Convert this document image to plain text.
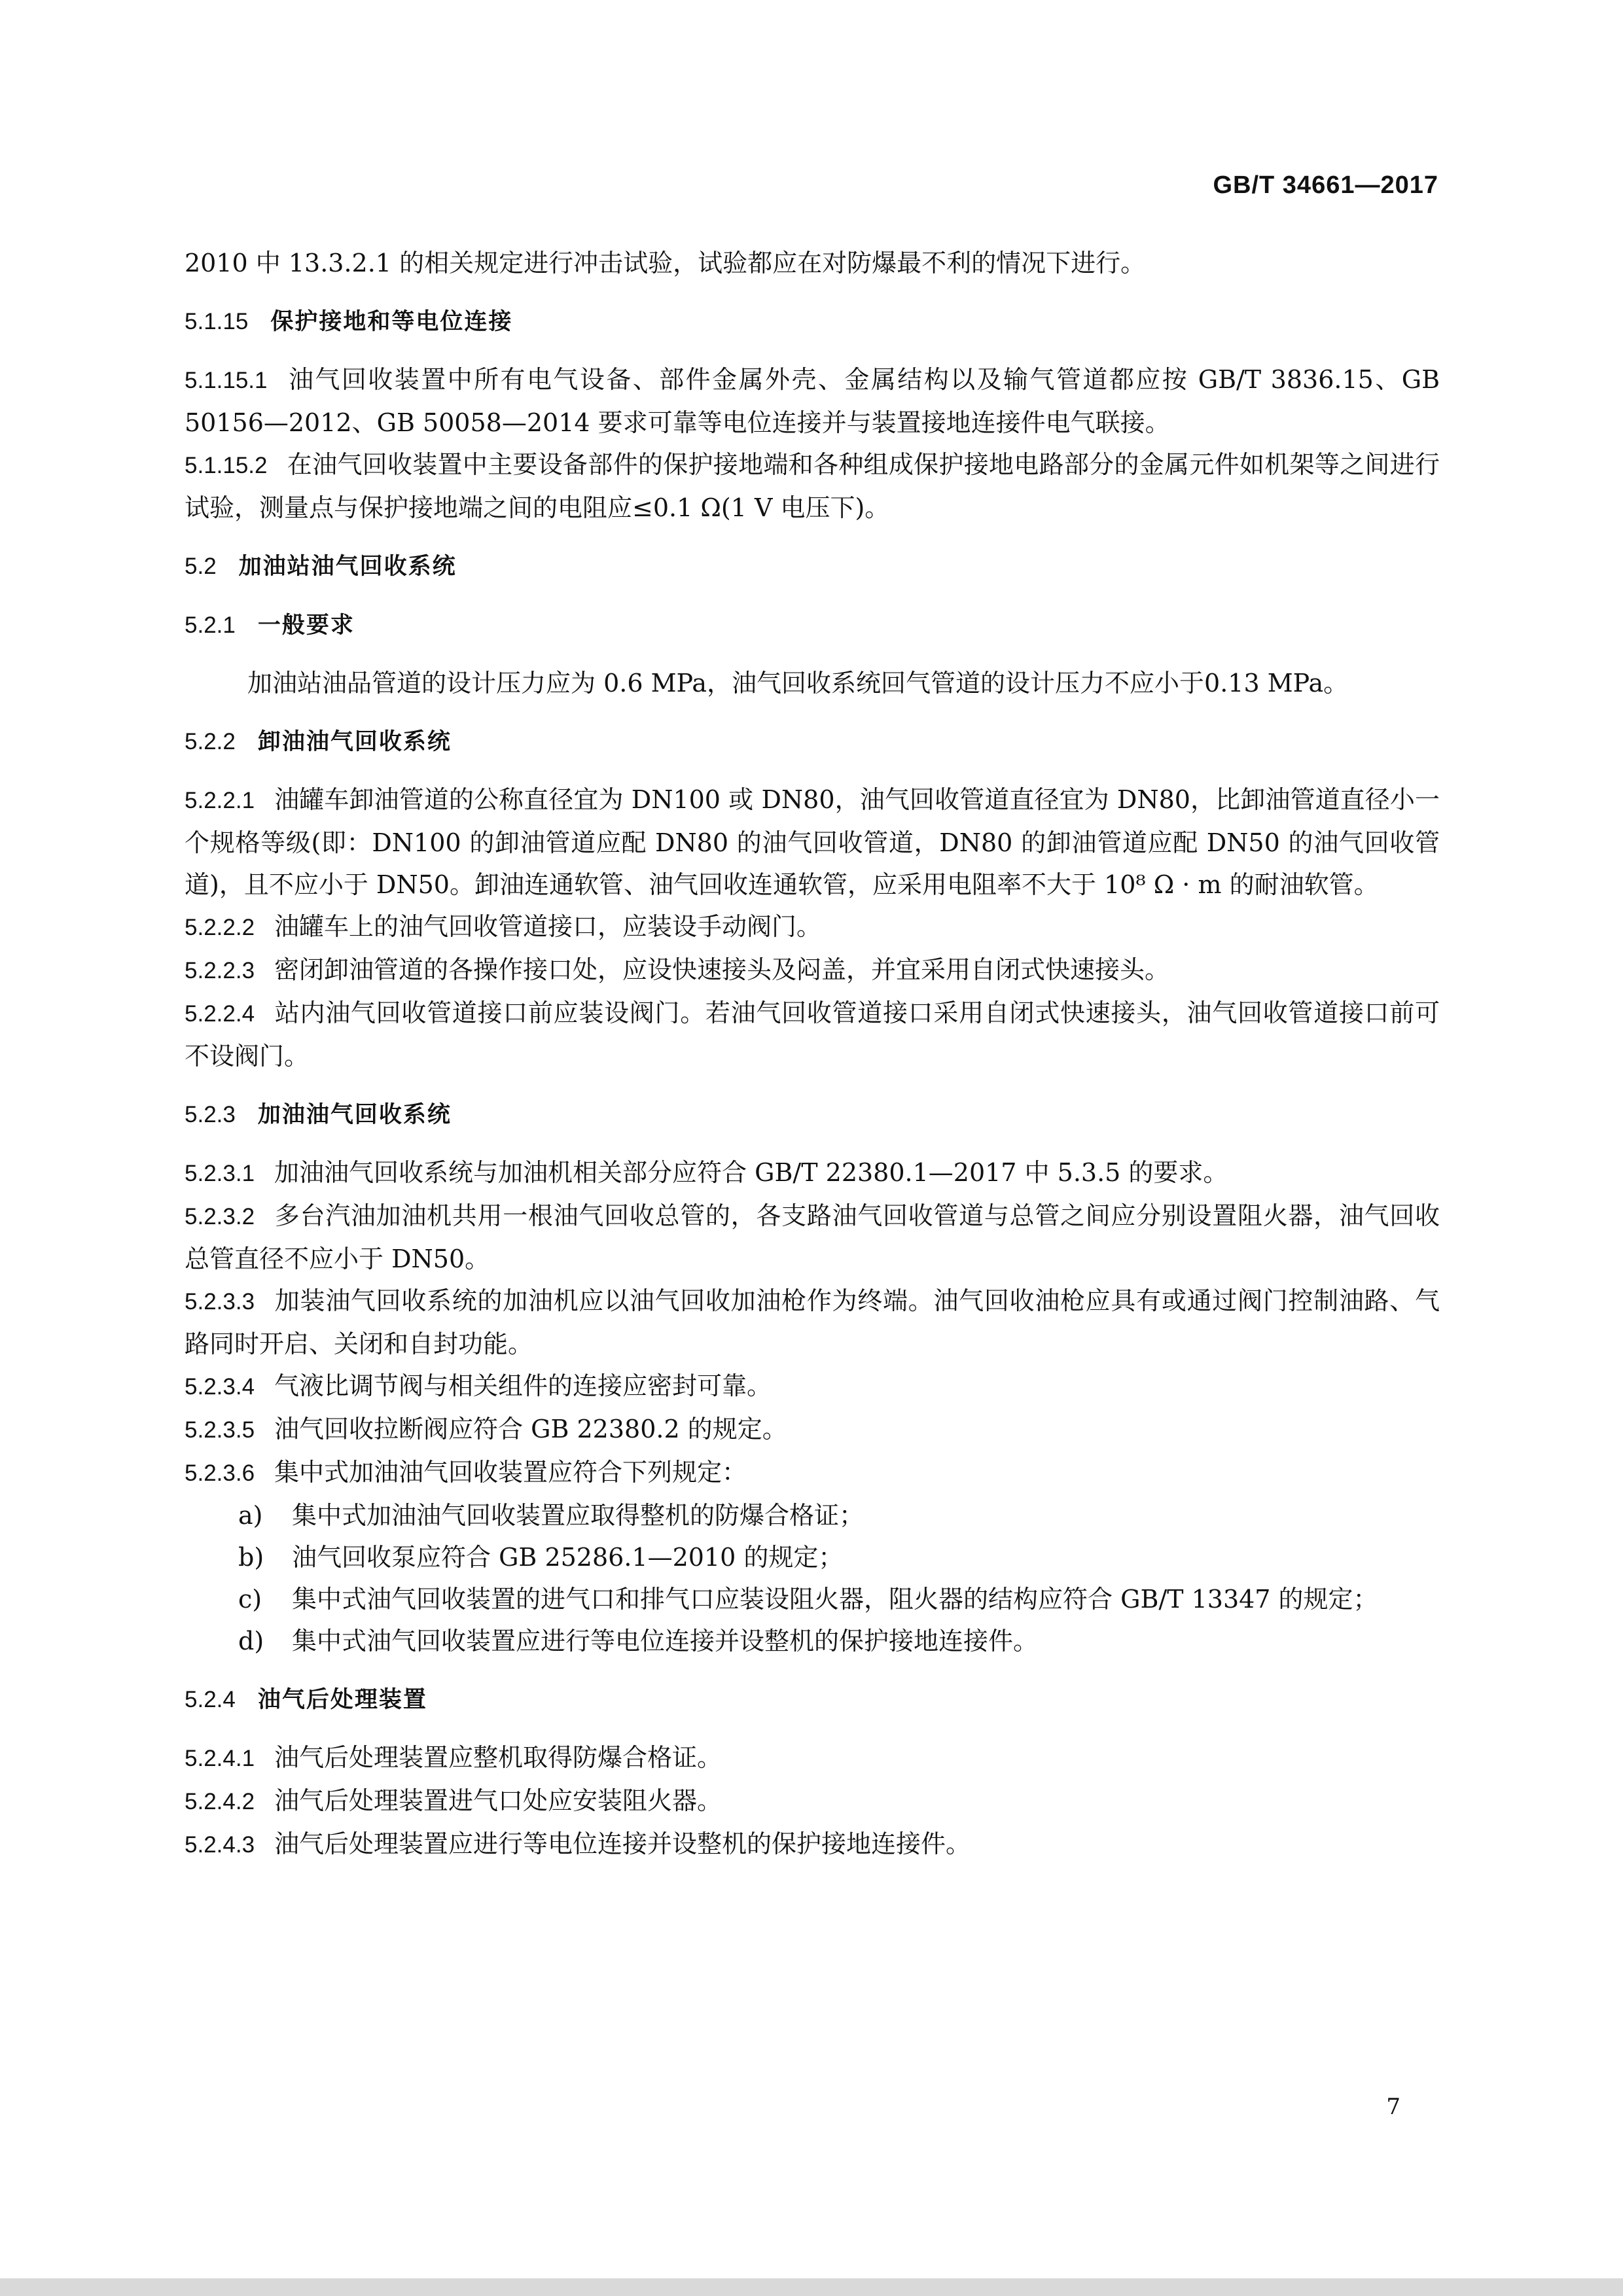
GB/T 34661—2017

2010 中 13.3.2.1 的相关规定进行冲击试验，试验都应在对防爆最不利的情况下进行。

5.1.15 保护接地和等电位连接

5.1.15.1 油气回收装置中所有电气设备、部件金属外壳、金属结构以及输气管道都应按 GB/T 3836.15、GB 50156—2012、GB 50058—2014 要求可靠等电位连接并与装置接地连接件电气联接。

5.1.15.2 在油气回收装置中主要设备部件的保护接地端和各种组成保护接地电路部分的金属元件如机架等之间进行试验，测量点与保护接地端之间的电阻应≤0.1 Ω(1 V 电压下)。

5.2 加油站油气回收系统
5.2.1 一般要求

加油站油品管道的设计压力应为 0.6 MPa，油气回收系统回气管道的设计压力不应小于0.13 MPa。

5.2.2 卸油油气回收系统

5.2.2.1 油罐车卸油管道的公称直径宜为 DN100 或 DN80，油气回收管道直径宜为 DN80，比卸油管道直径小一个规格等级(即：DN100 的卸油管道应配 DN80 的油气回收管道，DN80 的卸油管道应配 DN50 的油气回收管道)，且不应小于 DN50。卸油连通软管、油气回收连通软管，应采用电阻率不大于 10⁸ Ω · m 的耐油软管。

5.2.2.2 油罐车上的油气回收管道接口，应装设手动阀门。

5.2.2.3 密闭卸油管道的各操作接口处，应设快速接头及闷盖，并宜采用自闭式快速接头。

5.2.2.4 站内油气回收管道接口前应装设阀门。若油气回收管道接口采用自闭式快速接头，油气回收管道接口前可不设阀门。

5.2.3 加油油气回收系统

5.2.3.1 加油油气回收系统与加油机相关部分应符合 GB/T 22380.1—2017 中 5.3.5 的要求。

5.2.3.2 多台汽油加油机共用一根油气回收总管的，各支路油气回收管道与总管之间应分别设置阻火器，油气回收总管直径不应小于 DN50。

5.2.3.3 加装油气回收系统的加油机应以油气回收加油枪作为终端。油气回收油枪应具有或通过阀门控制油路、气路同时开启、关闭和自封功能。

5.2.3.4 气液比调节阀与相关组件的连接应密封可靠。

5.2.3.5 油气回收拉断阀应符合 GB 22380.2 的规定。

5.2.3.6 集中式加油油气回收装置应符合下列规定：

a)	集中式加油油气回收装置应取得整机的防爆合格证；
b)	油气回收泵应符合 GB 25286.1—2010 的规定；
c)	集中式油气回收装置的进气口和排气口应装设阻火器，阻火器的结构应符合 GB/T 13347 的规定；
d)	集中式油气回收装置应进行等电位连接并设整机的保护接地连接件。
5.2.4 油气后处理装置

5.2.4.1 油气后处理装置应整机取得防爆合格证。

5.2.4.2 油气后处理装置进气口处应安装阻火器。

5.2.4.3 油气后处理装置应进行等电位连接并设整机的保护接地连接件。

7
